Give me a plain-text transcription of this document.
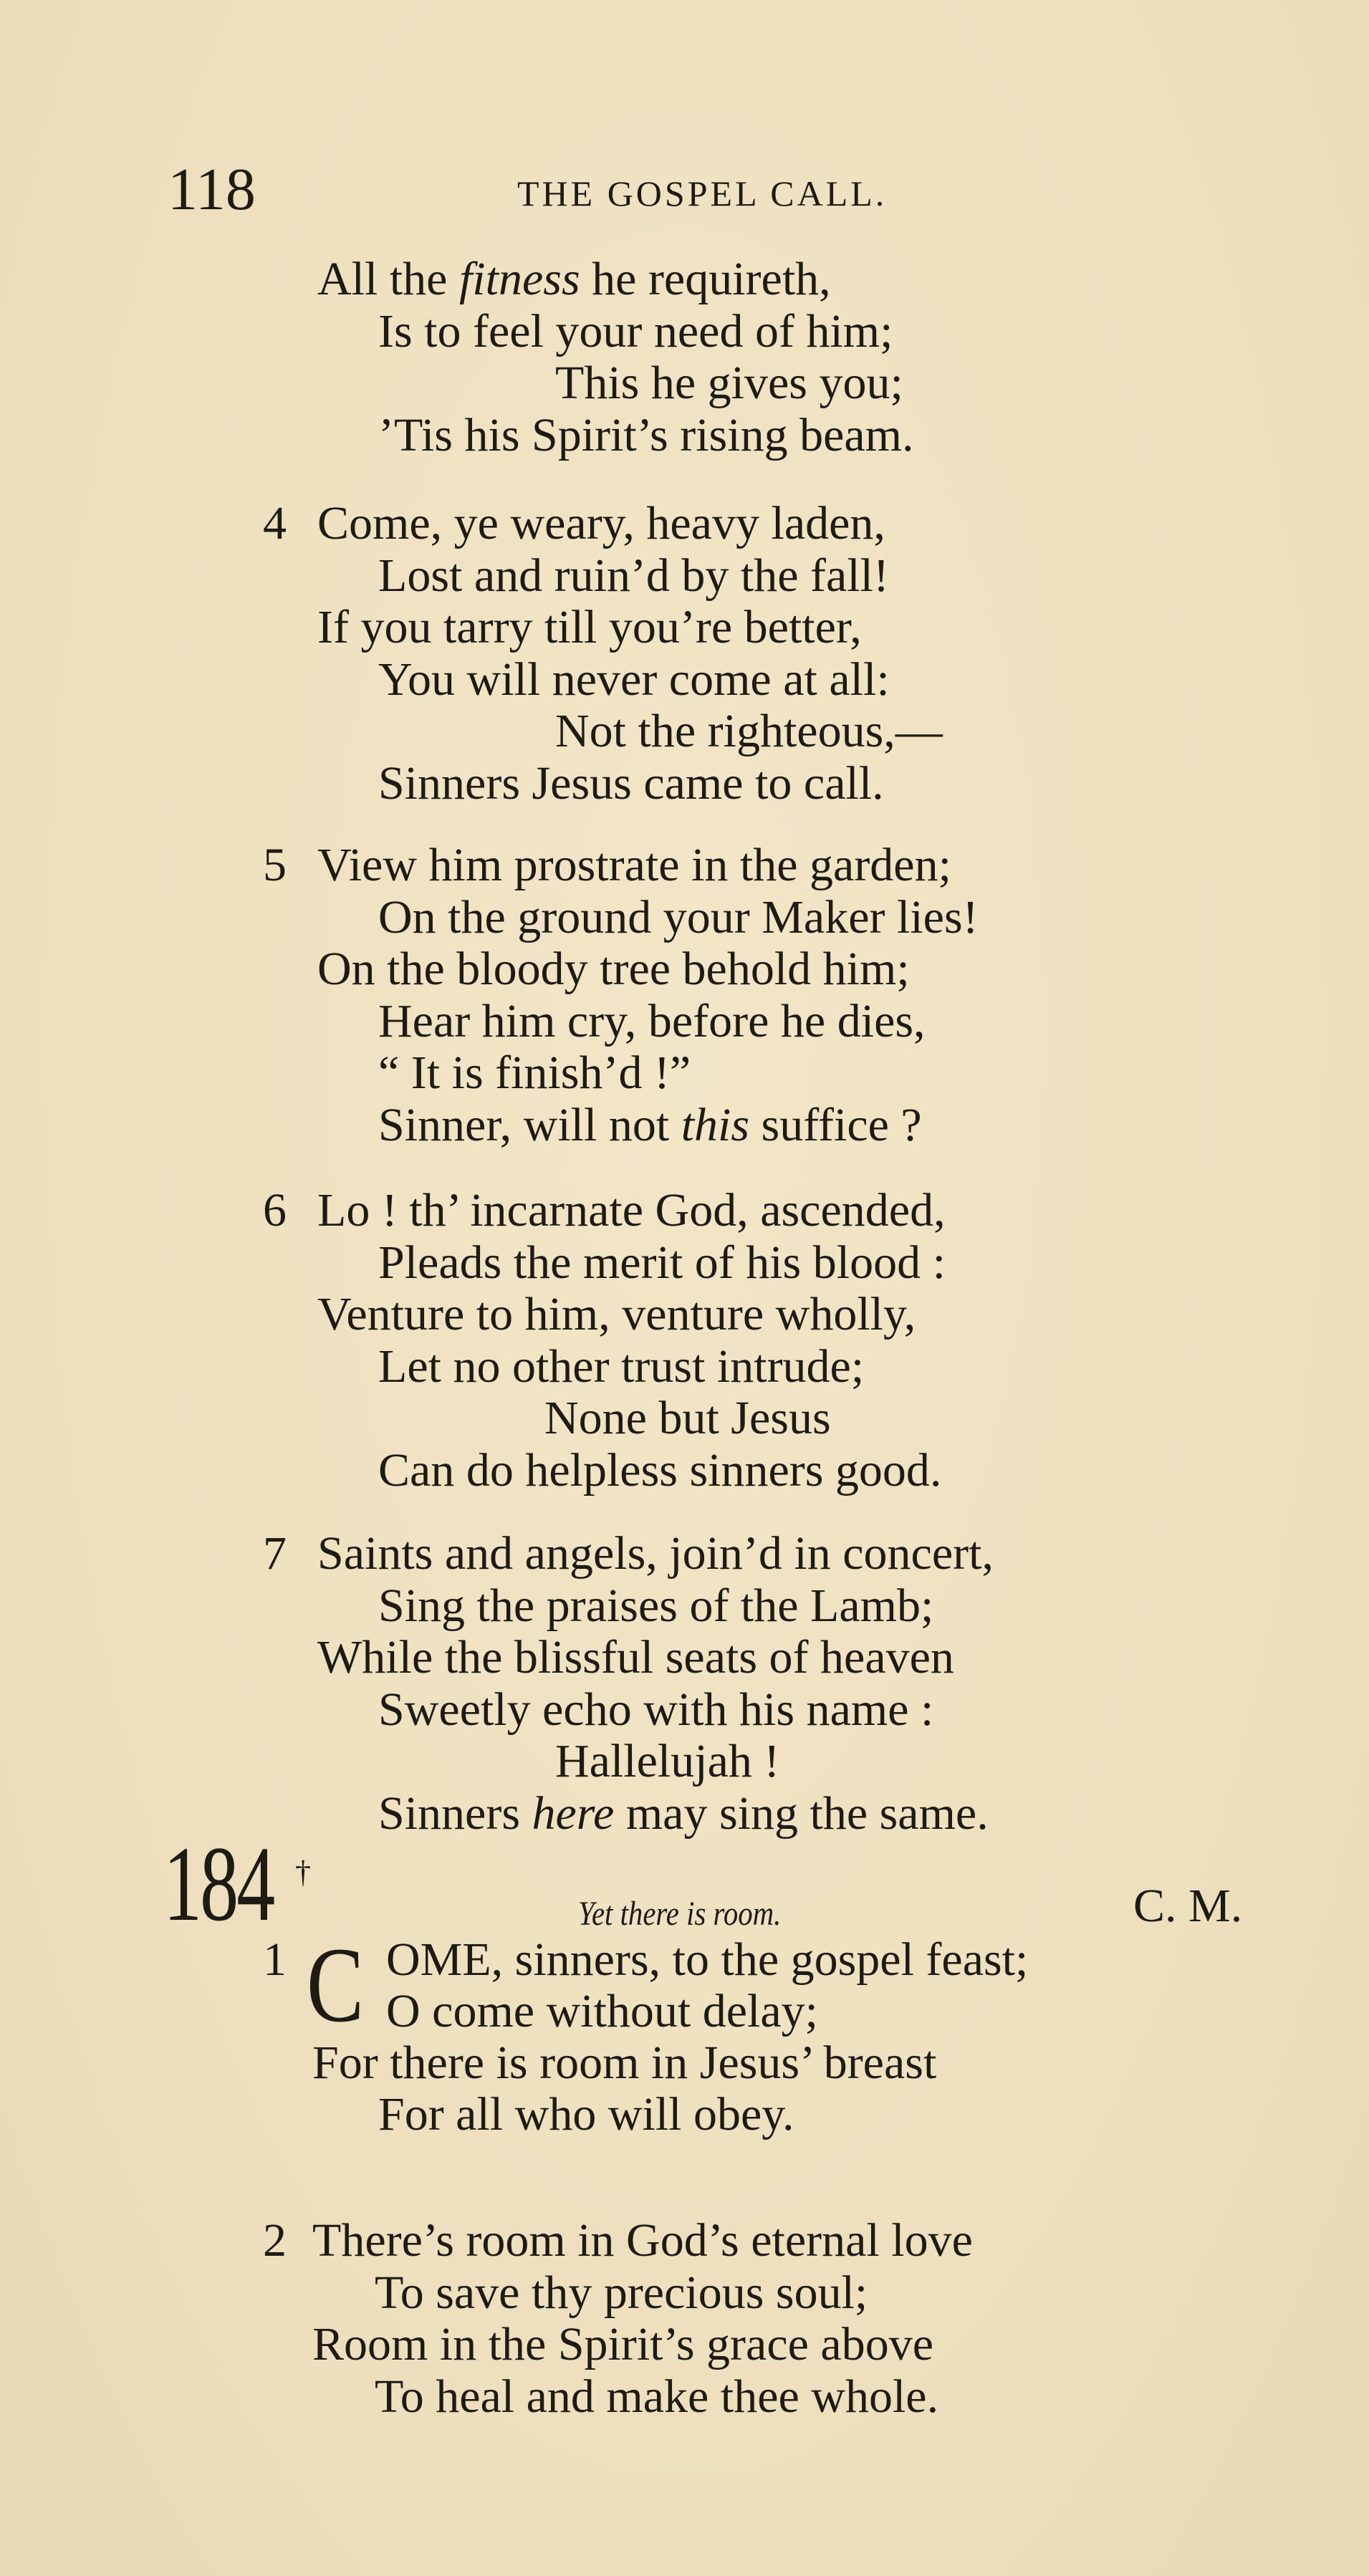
118	THE GOSPEL CALL.
All the fitness he requireth,
Is to feel your need of him;
This he gives you;
’Tis his Spirit’s rising beam.
4 Come, ye weary, heavy laden,
Lost and ruin’d by the fall!
If you tarry till you’re better,
You will never come at all:
Not the righteous,—
Sinners Jesus came to call.
5 View him prostrate in the garden;
On the ground your Maker lies!
On the bloody tree behold him;
Hear him cry, before he dies,
“ It is finish’d !”
Sinner, will not this suffice ?
6 Lo ! th’ incarnate God, ascended,
Pleads the merit of his blood :
Venture to him, venture wholly,
Let no other trust intrude;
None but Jesus
Can do helpless sinners good.
7 Saints and angels, join’d in concert,
Sing the praises of the Lamb;
While the blissful seats of heaven
Sweetly echo with his name :
Hallelujah !
Sinners here may sing the same.
184 †
Yet there is room.	C. M.
C
1 OME, sinners, to the gospel feast;
O come without delay;
For there is room in Jesus’ breast
For all who will obey.
2 There’s room in God’s eternal love
To save thy precious soul;
Room in the Spirit’s grace above
To heal and make thee whole.
